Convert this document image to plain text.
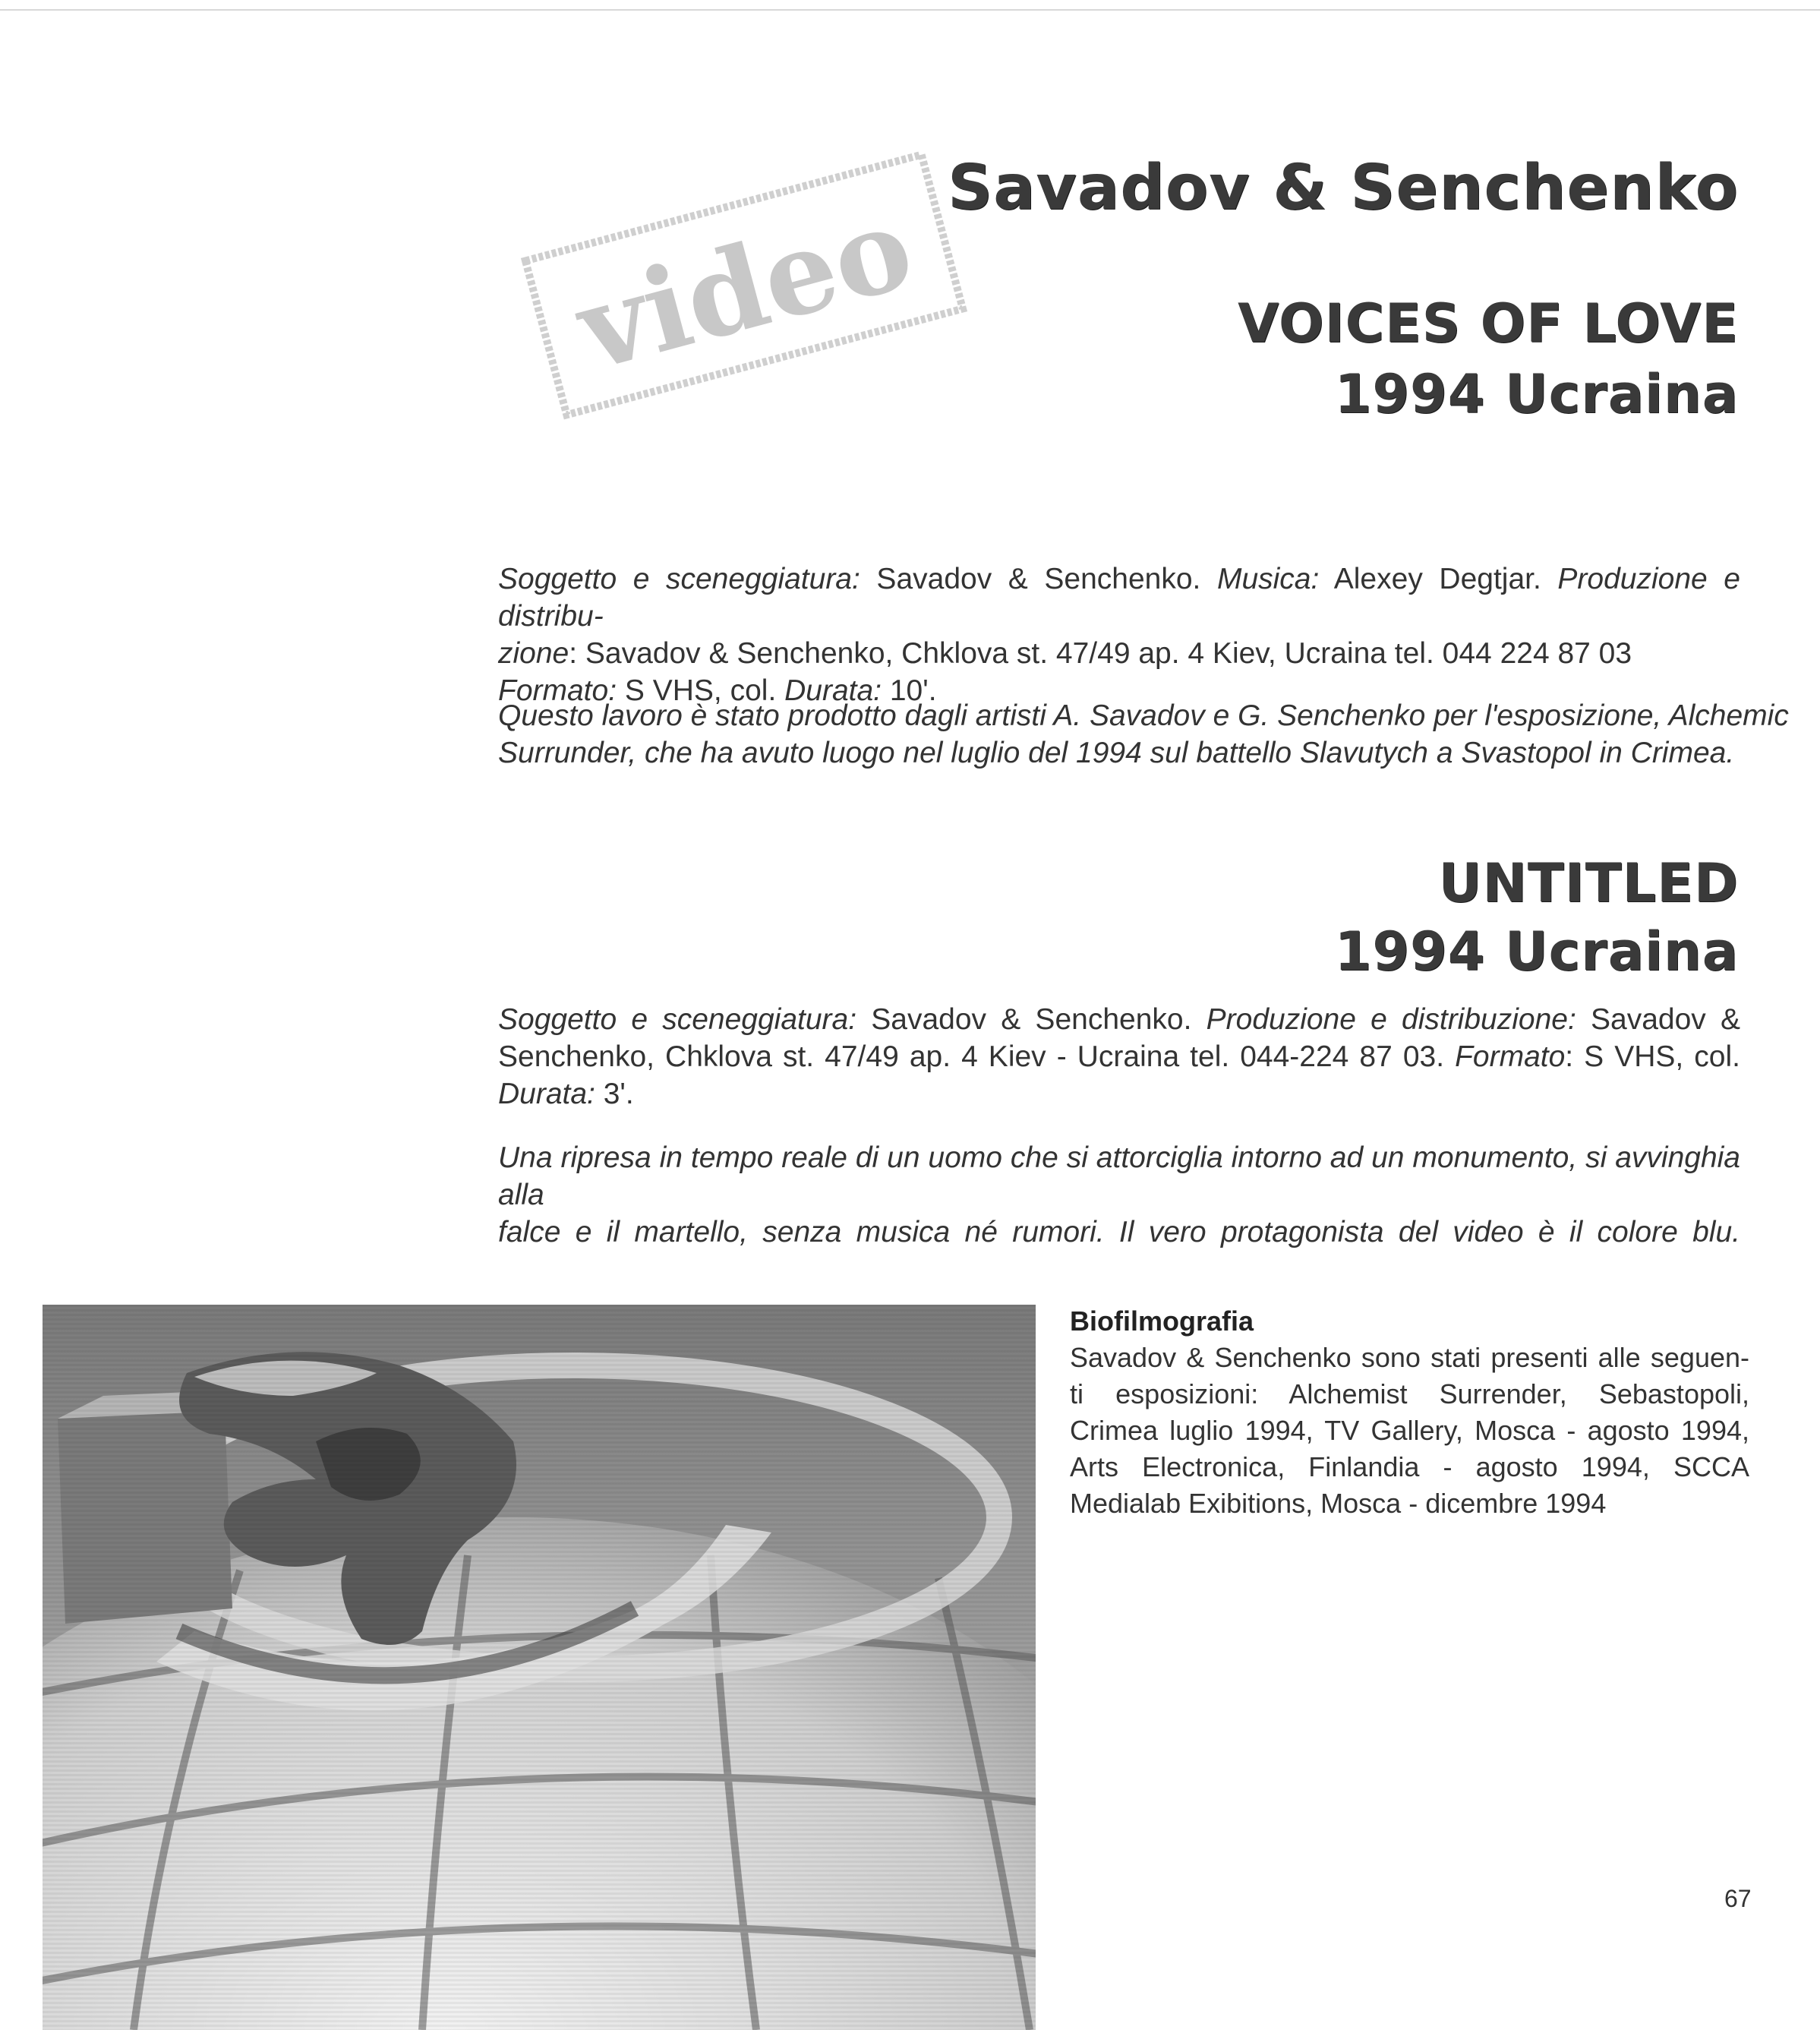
video Savadov & Senchenko
VOICES OF LOVE
1994 Ucraina

Soggetto e sceneggiatura: Savadov & Senchenko. Musica: Alexey Degtjar. Produzione e distribu-
zione: Savadov & Senchenko, Chklova st. 47/49 ap. 4 Kiev, Ucraina tel. 044 224 87 03
Formato: S VHS, col. Durata: 10'.

Questo lavoro è stato prodotto dagli artisti A. Savadov e G. Senchenko per l'esposizione, Alchemic
Surrunder, che ha avuto luogo nel luglio del 1994 sul battello Slavutych a Svastopol in Crimea.

UNTITLED
1994 Ucraina

Soggetto e sceneggiatura: Savadov & Senchenko. Produzione e distribuzione: Savadov &
Senchenko, Chklova st. 47/49 ap. 4 Kiev - Ucraina tel. 044-224 87 03. Formato: S VHS, col.
Durata: 3'.

Una ripresa in tempo reale di un uomo che si attorciglia intorno ad un monumento, si avvinghia alla
falce e il martello, senza musica né rumori. Il vero protagonista del video è il colore blu.

Biofilmografia

Savadov & Senchenko sono stati presenti alle seguen-
ti esposizioni: Alchemist Surrender, Sebastopoli,
Crimea luglio 1994, TV Gallery, Mosca - agosto 1994,
Arts Electronica, Finlandia - agosto 1994, SCCA
Medialab Exibitions, Mosca - dicembre 1994

67
